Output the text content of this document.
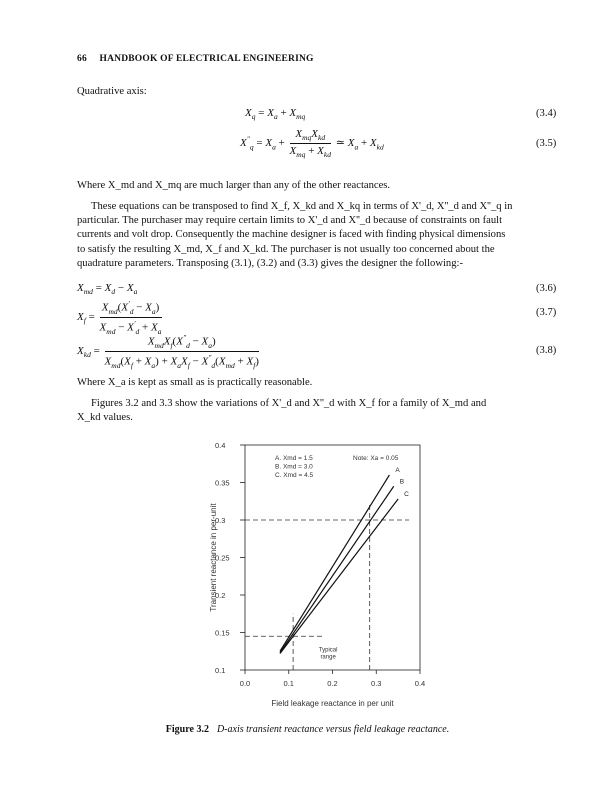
66 HANDBOOK OF ELECTRICAL ENGINEERING
Quadrative axis:
$X_q = X_a + X_{mq}$	(3.4)
$X''_q = X_a + \frac{X_{mq}X_{kd}}{X_{mq} + X_{kd}}$ ≃ $X_a + X_{kd}$	(3.5)
Where X_md and X_mq are much larger than any of the other reactances.
These equations can be transposed to find X_f, X_kd and X_kq in terms of X'_d, X''_d and X''_q in
particular. The purchaser may require certain limits to X'_d and X''_d because of constraints on fault
currents and volt drop. Consequently the machine designer is faced with finding physical dimensions
to satisfy the resulting X_md, X_f and X_kd. The purchaser is not usually too concerned about the
quadrature parameters. Transposing (3.1), (3.2) and (3.3) gives the designer the following:-
$X_{md} = X_d - X_a$	(3.6)
$X_f = \frac{X_{md}(X'_d - X_a)}{X_{md} - X'_d + X_a}$	(3.7)
$X_{kd} = \frac{X_{md}X_f(X''_d - X_a)}{X_{md}(X_f + X_a) + X_aX_f - X''_d(X_{md} + X_f)}$	(3.8)
Where X_a is kept as small as is practically reasonable.
Figures 3.2 and 3.3 show the variations of X'_d and X''_d with X_f for a family of X_md and
X_kd values.
0.1
0.15
0.2
0.25
0.3
0.35
0.4
0.0	0.1	0.2	0.3	0.4
Field leakage reactance in per unit
Transient reactance in per-unit
A
B
C
A. Xmd = 1.5
B. Xmd = 3.0
C. Xmd = 4.5
Note: Xa = 0.05
Typical
range
Figure 3.2 D-axis transient reactance versus field leakage reactance.
